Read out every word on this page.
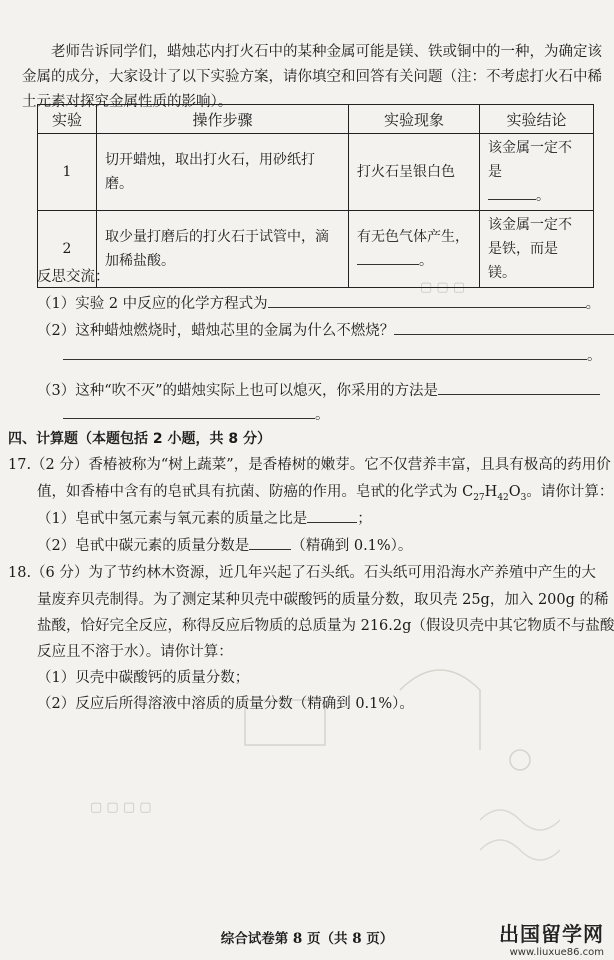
▢ ▢ ▢
▢ ▢ ▢ ▢
老师告诉同学们，蜡烛芯内打火石中的某种金属可能是镁、铁或铜中的一种，为确定该金属的成分，大家设计了以下实验方案，请你填空和回答有关问题（注：不考虑打火石中稀土元素对探究金属性质的影响）。
实验	操作步骤	实验现象	实验结论
1	切开蜡烛，取出打火石，用砂纸打磨。	打火石呈银白色	该金属一定不是
。
2	取少量打磨后的打火石于试管中，滴加稀盐酸。	有无色气体产生，
。	该金属一定不是铁，而是镁。
反思交流：
（1）实验 2 中反应的化学方程式为	。
（2）这种蜡烛燃烧时，蜡烛芯里的金属为什么不燃烧？
。
（3）这种“吹不灭”的蜡烛实际上也可以熄灭，你采用的方法是
。
四、计算题（本题包括 2 小题，共 8 分）
17.（2 分）香椿被称为“树上蔬菜”，是香椿树的嫩芽。它不仅营养丰富，且具有极高的药用价
值，如香椿中含有的皂甙具有抗菌、防癌的作用。皂甙的化学式为 $C_{27}H_{42}O_3$。请你计算：
（1）皂甙中氢元素与氧元素的质量之比是	；
（2）皂甙中碳元素的质量分数是	（精确到 0.1%）。
18.（6 分）为了节约林木资源，近几年兴起了石头纸。石头纸可用沿海水产养殖中产生的大
量废弃贝壳制得。为了测定某种贝壳中碳酸钙的质量分数，取贝壳 25g，加入 200g 的稀
盐酸，恰好完全反应，称得反应后物质的总质量为 216.2g（假设贝壳中其它物质不与盐酸
反应且不溶于水）。请你计算：
（1）贝壳中碳酸钙的质量分数；
（2）反应后所得溶液中溶质的质量分数（精确到 0.1%）。
综合试卷第 8 页（共 8 页）	出国留学网
www.liuxue86.com
